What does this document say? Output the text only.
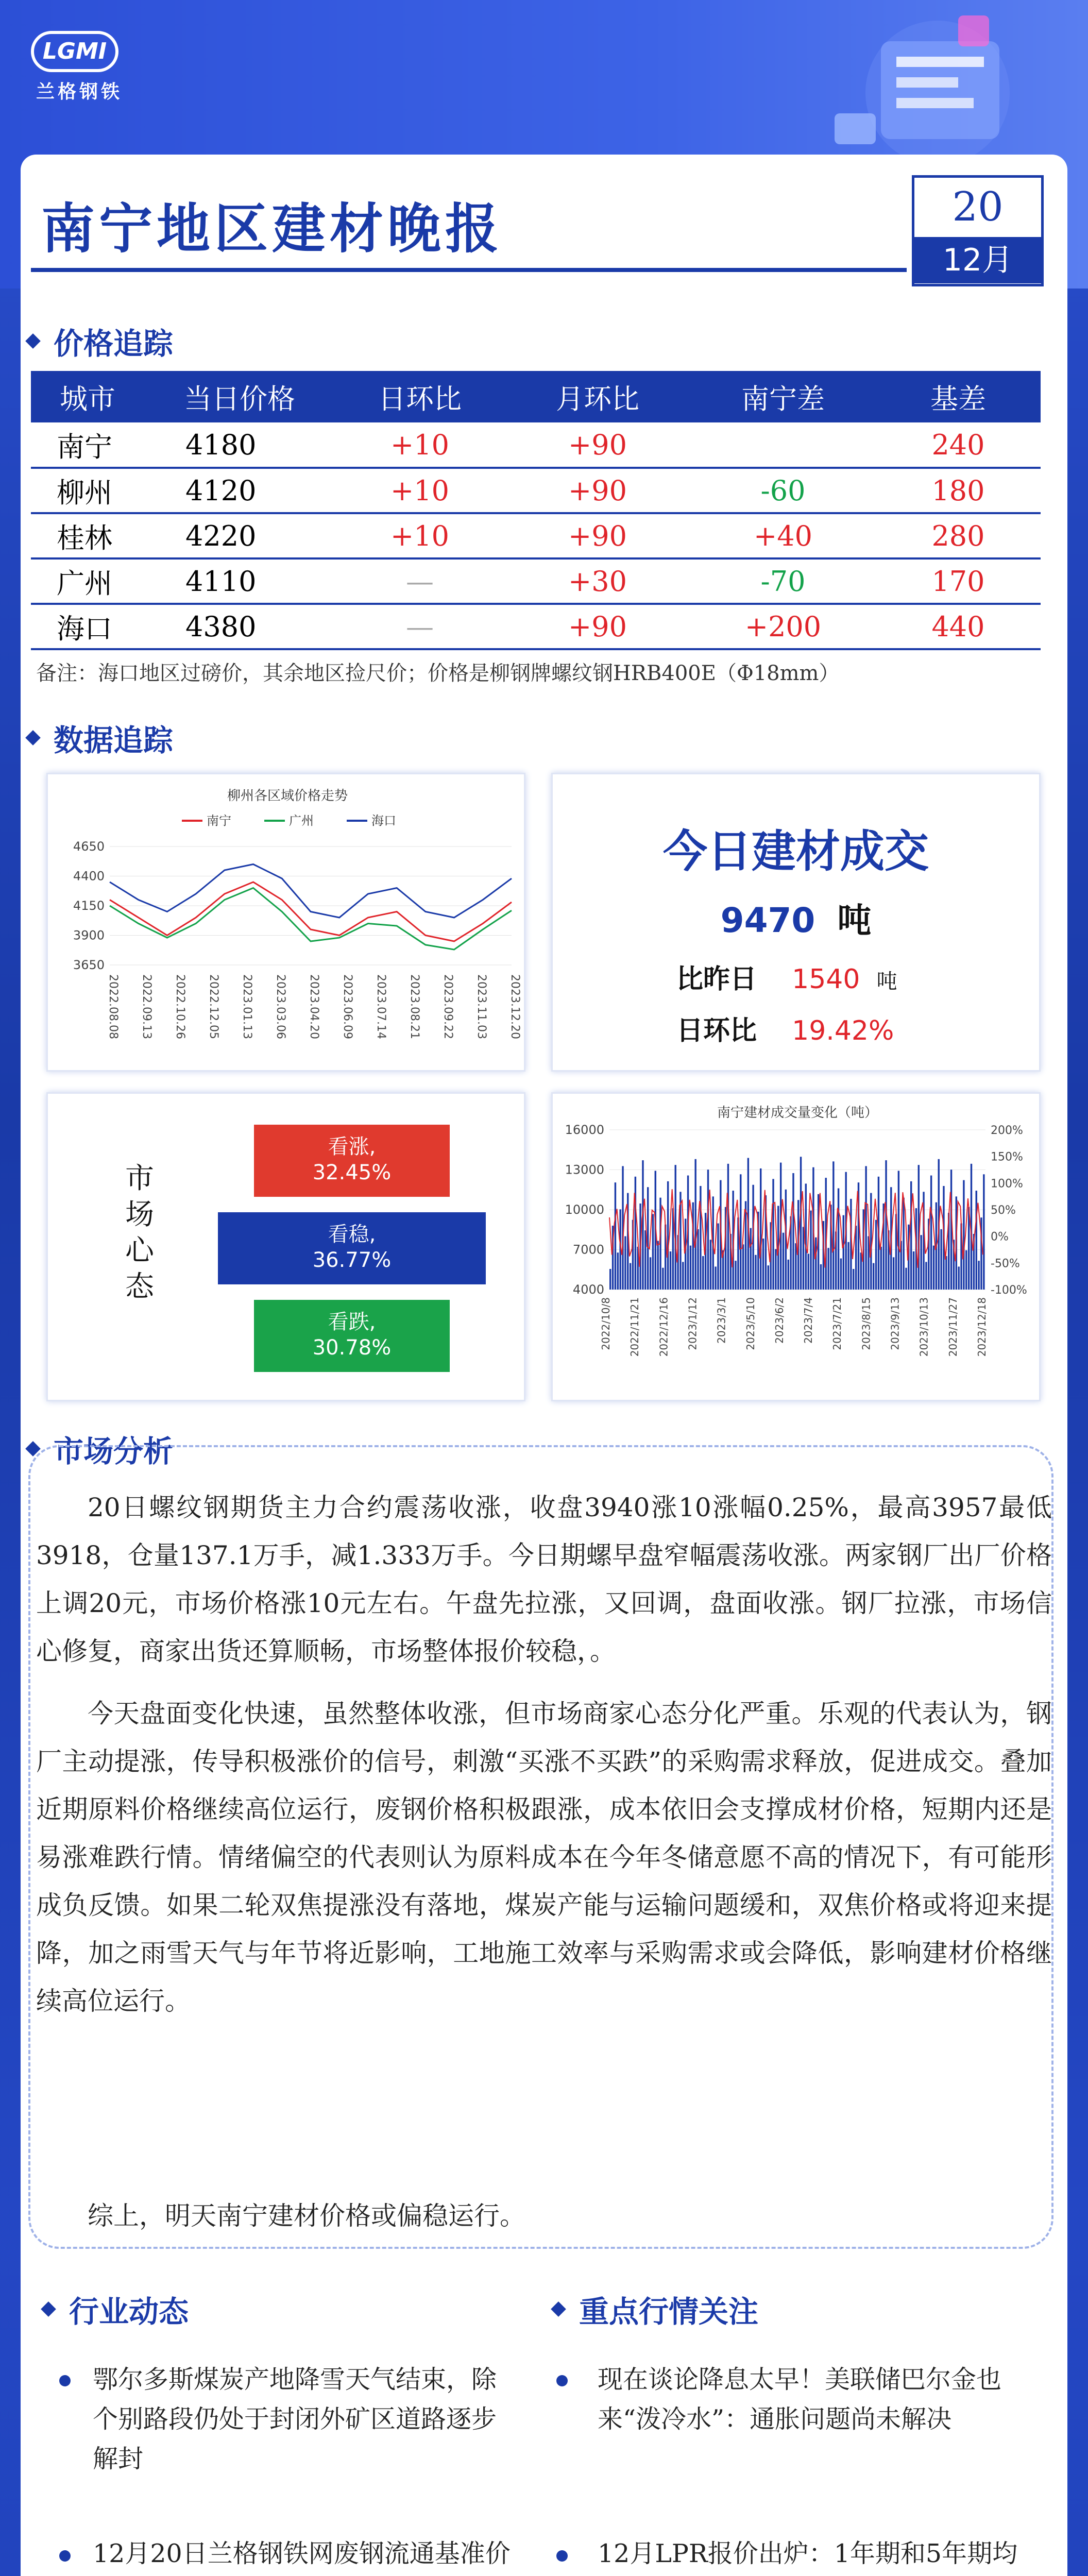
LGMI
兰格钢铁
南宁地区建材晚报	20
12月
价格追踪
城市	当日价格	日环比	月环比	南宁差	基差
南宁	4180	+10	+90		240
柳州	4120	+10	+90	-60	180
桂林	4220	+10	+90	+40	280
广州	4110	—	+30	-70	170
海口	4380	—	+90	+200	440
备注：海口地区过磅价，其余地区捡尺价；价格是柳钢牌螺纹钢HRB400E（Φ18mm）
数据追踪
柳州各区域价格走势
南宁	广州	海口
4650
4400
4150
3900
3650
2022.08.08 2022.09.13 2022.10.26 2022.12.05 2023.01.13 2023.03.06 2023.04.20 2023.06.09 2023.07.14 2023.08.21 2023.09.22 2023.11.03 2023.12.20
今日建材成交
9470 吨
比昨日 1540 吨
日环比 19.42%
市场心态
看涨,
32.45%
看稳,
36.77%
看跌,
30.78%
南宁建材成交量变化（吨）
16000
13000
10000
7000
4000
200%
150%
100%
50%
0%
-50%
-100%
2022/10/8 2022/11/21 2022/12/16 2023/1/12 2023/3/1 2023/5/10 2023/6/2 2023/7/4 2023/7/21 2023/8/15 2023/9/13 2023/10/13 2023/11/27 2023/12/18
市场分析
20日螺纹钢期货主力合约震荡收涨，收盘3940涨10涨幅0.25%，最高3957最低3918，仓量137.1万手，减1.333万手。今日期螺早盘窄幅震荡收涨。两家钢厂出厂价格上调20元，市场价格涨10元左右。午盘先拉涨，又回调，盘面收涨。钢厂拉涨，市场信心修复，商家出货还算顺畅，市场整体报价较稳，。
今天盘面变化快速，虽然整体收涨，但市场商家心态分化严重。乐观的代表认为，钢厂主动提涨，传导积极涨价的信号，刺激“买涨不买跌”的采购需求释放，促进成交。叠加近期原料价格继续高位运行，废钢价格积极跟涨，成本依旧会支撑成材价格，短期内还是易涨难跌行情。情绪偏空的代表则认为原料成本在今年冬储意愿不高的情况下，有可能形成负反馈。如果二轮双焦提涨没有落地，煤炭产能与运输问题缓和，双焦价格或将迎来提降，加之雨雪天气与年节将近影响，工地施工效率与采购需求或会降低，影响建材价格继续高位运行。
综上，明天南宁建材价格或偏稳运行。
行业动态
鄂尔多斯煤炭产地降雪天气结束，除个别路段仍处于封闭外矿区道路逐步解封
12月20日兰格钢铁网废钢流通基准价
重点行情关注
现在谈论降息太早！美联储巴尔金也来“泼冷水”：通胀问题尚未解决
12月LPR报价出炉：1年期和5年期均
